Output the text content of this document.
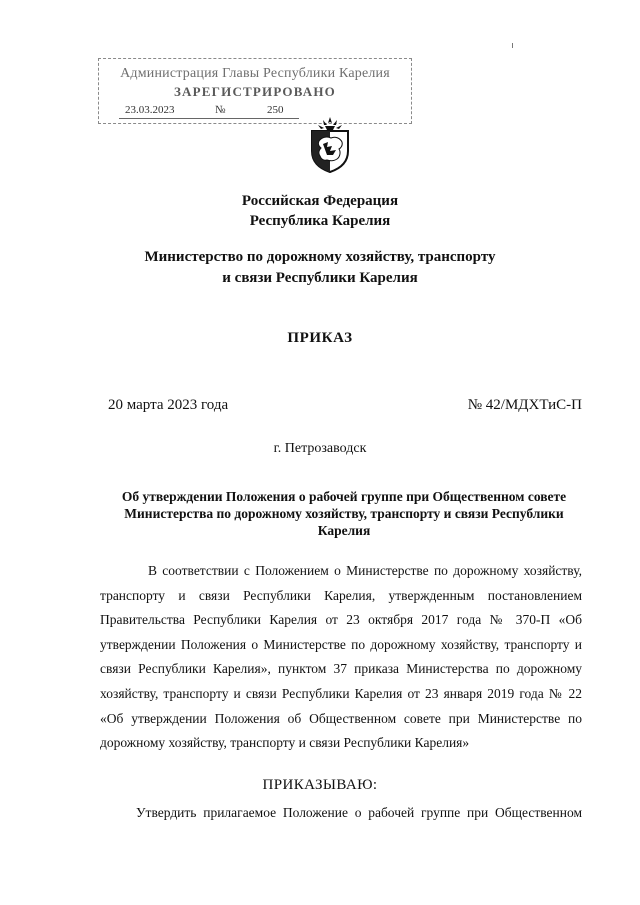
Администрация Главы Республики Карелия
ЗАРЕГИСТРИРОВАНО
23.03.2023	№	250
Российская Федерация
Республика Карелия
Министерство по дорожному хозяйству, транспорту
и связи Республики Карелия
ПРИКАЗ
20 марта 2023 года	№ 42/МДХТиС-П
г. Петрозаводск
Об утверждении Положения о рабочей группе при Общественном совете Министерства по дорожному хозяйству, транспорту и связи Республики Карелия
В соответствии с Положением о Министерстве по дорожному хозяйству, транспорту и связи Республики Карелия, утвержденным постановлением Правительства Республики Карелия от 23 октября 2017 года № 370-П «Об утверждении Положения о Министерстве по дорожному хозяйству, транспорту и связи Республики Карелия», пунктом 37 приказа Министерства по дорожному хозяйству, транспорту и связи Республики Карелия от 23 января 2019 года № 22 «Об утверждении Положения об Общественном совете при Министерстве по дорожному хозяйству, транспорту и связи Республики Карелия»
ПРИКАЗЫВАЮ:
Утвердить прилагаемое Положение о рабочей группе при Общественном
